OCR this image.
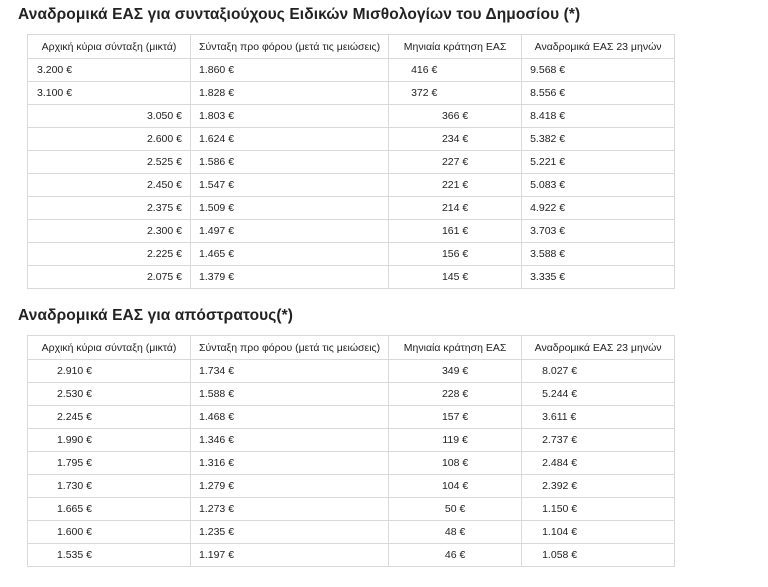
Αναδρομικά ΕΑΣ για συνταξιούχους Ειδικών Μισθολογίων του Δημοσίου (*)
Αρχική κύρια σύνταξη (μικτά)	Σύνταξη προ φόρου (μετά τις μειώσεις)	Μηνιαία κράτηση ΕΑΣ	Αναδρομικά ΕΑΣ 23 μηνών
3.200 €	1.860 €	416 €	9.568 €
3.100 €	1.828 €	372 €	8.556 €
3.050 €	1.803 €	366 €	8.418 €
2.600 €	1.624 €	234 €	5.382 €
2.525 €	1.586 €	227 €	5.221 €
2.450 €	1.547 €	221 €	5.083 €
2.375 €	1.509 €	214 €	4.922 €
2.300 €	1.497 €	161 €	3.703 €
2.225 €	1.465 €	156 €	3.588 €
2.075 €	1.379 €	145 €	3.335 €
Αναδρομικά ΕΑΣ για απόστρατους(*)
Αρχική κύρια σύνταξη (μικτά)	Σύνταξη προ φόρου (μετά τις μειώσεις)	Μηνιαία κράτηση ΕΑΣ	Αναδρομικά ΕΑΣ 23 μηνών
2.910 €	1.734 €	349 €	8.027 €
2.530 €	1.588 €	228 €	5.244 €
2.245 €	1.468 €	157 €	3.611 €
1.990 €	1.346 €	119 €	2.737 €
1.795 €	1.316 €	108 €	2.484 €
1.730 €	1.279 €	104 €	2.392 €
1.665 €	1.273 €	50 €	1.150 €
1.600 €	1.235 €	48 €	1.104 €
1.535 €	1.197 €	46 €	1.058 €
